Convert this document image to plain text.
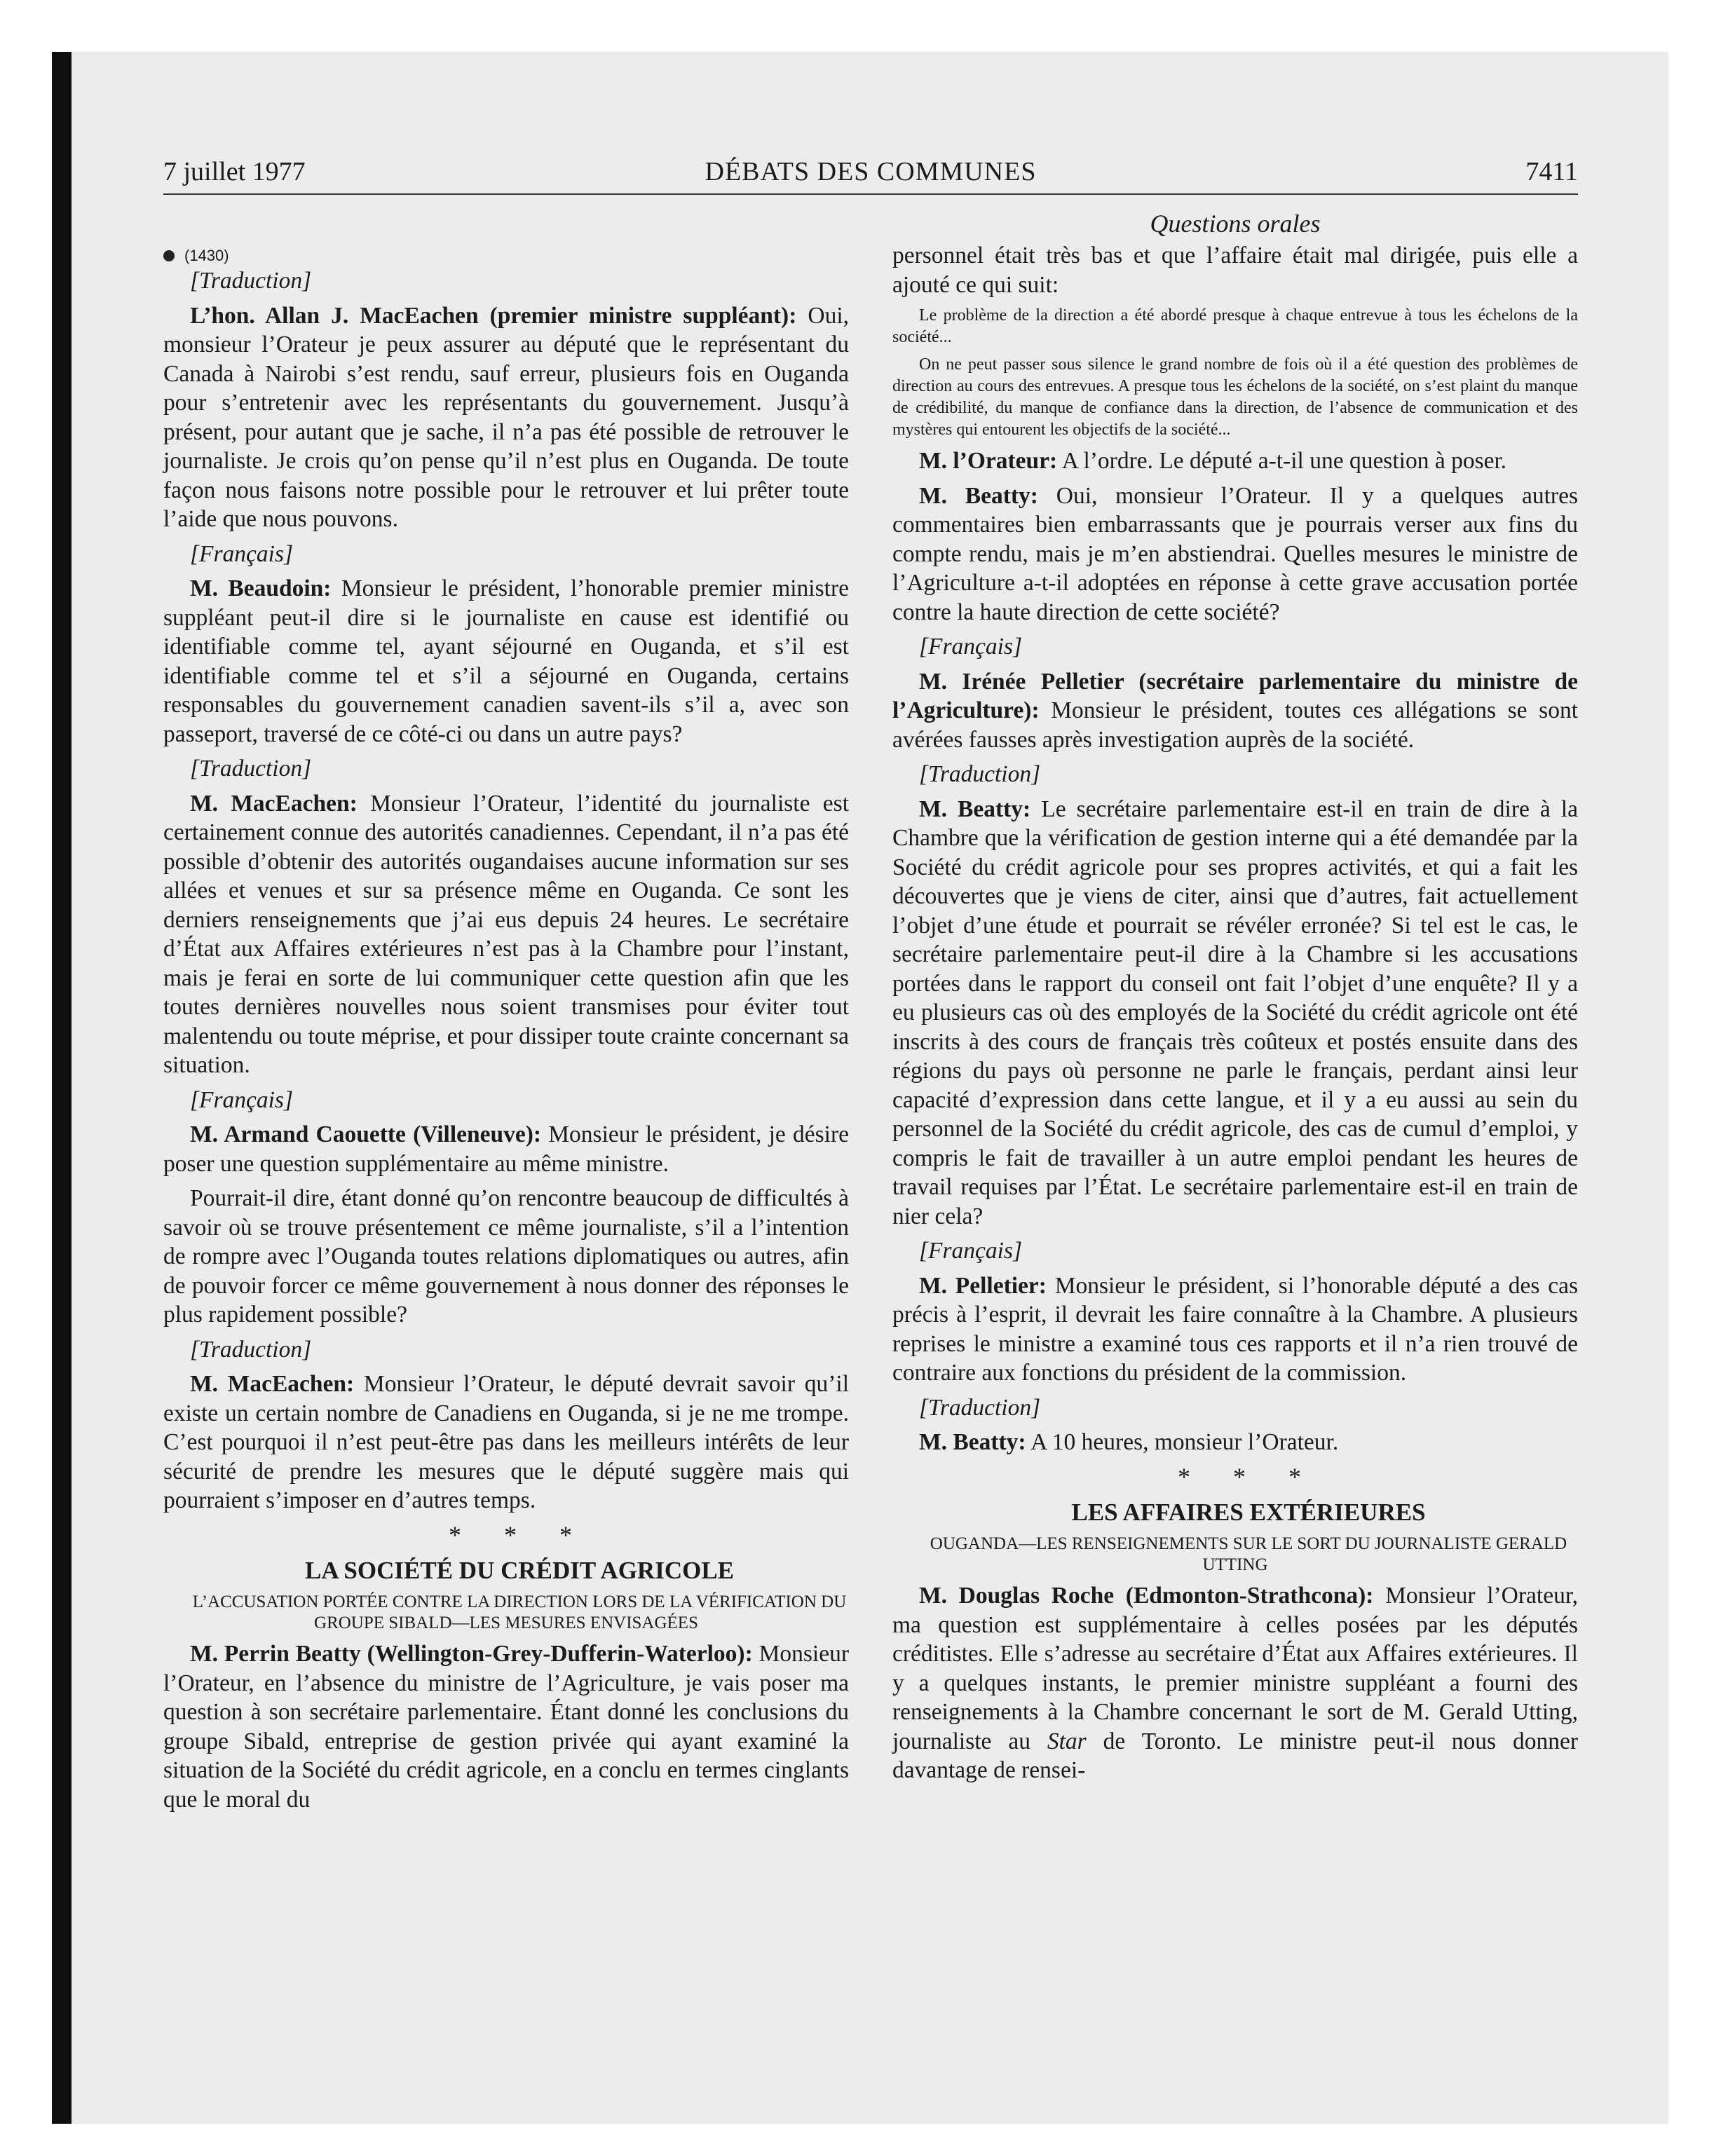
7 juillet 1977	DÉBATS DES COMMUNES	7411
Questions orales
(1430)

[Traduction]

L’hon. Allan J. MacEachen (premier ministre suppléant): Oui, monsieur l’Orateur je peux assurer au député que le représentant du Canada à Nairobi s’est rendu, sauf erreur, plusieurs fois en Ouganda pour s’entretenir avec les représentants du gouvernement. Jusqu’à présent, pour autant que je sache, il n’a pas été possible de retrouver le journaliste. Je crois qu’on pense qu’il n’est plus en Ouganda. De toute façon nous faisons notre possible pour le retrouver et lui prêter toute l’aide que nous pouvons.

[Français]

M. Beaudoin: Monsieur le président, l’honorable premier ministre suppléant peut-il dire si le journaliste en cause est identifié ou identifiable comme tel, ayant séjourné en Ouganda, et s’il est identifiable comme tel et s’il a séjourné en Ouganda, certains responsables du gouvernement canadien savent-ils s’il a, avec son passeport, traversé de ce côté-ci ou dans un autre pays?

[Traduction]

M. MacEachen: Monsieur l’Orateur, l’identité du journaliste est certainement connue des autorités canadiennes. Cependant, il n’a pas été possible d’obtenir des autorités ougandaises aucune information sur ses allées et venues et sur sa présence même en Ouganda. Ce sont les derniers renseignements que j’ai eus depuis 24 heures. Le secrétaire d’État aux Affaires extérieures n’est pas à la Chambre pour l’instant, mais je ferai en sorte de lui communiquer cette question afin que les toutes dernières nouvelles nous soient transmises pour éviter tout malentendu ou toute méprise, et pour dissiper toute crainte concernant sa situation.

[Français]

M. Armand Caouette (Villeneuve): Monsieur le président, je désire poser une question supplémentaire au même ministre.

Pourrait-il dire, étant donné qu’on rencontre beaucoup de difficultés à savoir où se trouve présentement ce même journaliste, s’il a l’intention de rompre avec l’Ouganda toutes relations diplomatiques ou autres, afin de pouvoir forcer ce même gouvernement à nous donner des réponses le plus rapidement possible?

[Traduction]

M. MacEachen: Monsieur l’Orateur, le député devrait savoir qu’il existe un certain nombre de Canadiens en Ouganda, si je ne me trompe. C’est pourquoi il n’est peut-être pas dans les meilleurs intérêts de leur sécurité de prendre les mesures que le député suggère mais qui pourraient s’imposer en d’autres temps.

* * *

LA SOCIÉTÉ DU CRÉDIT AGRICOLE

L’ACCUSATION PORTÉE CONTRE LA DIRECTION LORS DE LA VÉRIFICATION DU GROUPE SIBALD—LES MESURES ENVISAGÉES

M. Perrin Beatty (Wellington-Grey-Dufferin-Waterloo): Monsieur l’Orateur, en l’absence du ministre de l’Agriculture, je vais poser ma question à son secrétaire parlementaire. Étant donné les conclusions du groupe Sibald, entreprise de gestion privée qui ayant examiné la situation de la Société du crédit agricole, en a conclu en termes cinglants que le moral du

personnel était très bas et que l’affaire était mal dirigée, puis elle a ajouté ce qui suit:

Le problème de la direction a été abordé presque à chaque entrevue à tous les échelons de la société...

On ne peut passer sous silence le grand nombre de fois où il a été question des problèmes de direction au cours des entrevues. A presque tous les échelons de la société, on s’est plaint du manque de crédibilité, du manque de confiance dans la direction, de l’absence de communication et des mystères qui entourent les objectifs de la société...

M. l’Orateur: A l’ordre. Le député a-t-il une question à poser.

M. Beatty: Oui, monsieur l’Orateur. Il y a quelques autres commentaires bien embarrassants que je pourrais verser aux fins du compte rendu, mais je m’en abstiendrai. Quelles mesures le ministre de l’Agriculture a-t-il adoptées en réponse à cette grave accusation portée contre la haute direction de cette société?

[Français]

M. Irénée Pelletier (secrétaire parlementaire du ministre de l’Agriculture): Monsieur le président, toutes ces allégations se sont avérées fausses après investigation auprès de la société.

[Traduction]

M. Beatty: Le secrétaire parlementaire est-il en train de dire à la Chambre que la vérification de gestion interne qui a été demandée par la Société du crédit agricole pour ses propres activités, et qui a fait les découvertes que je viens de citer, ainsi que d’autres, fait actuellement l’objet d’une étude et pourrait se révéler erronée? Si tel est le cas, le secrétaire parlementaire peut-il dire à la Chambre si les accusations portées dans le rapport du conseil ont fait l’objet d’une enquête? Il y a eu plusieurs cas où des employés de la Société du crédit agricole ont été inscrits à des cours de français très coûteux et postés ensuite dans des régions du pays où personne ne parle le français, perdant ainsi leur capacité d’expression dans cette langue, et il y a eu aussi au sein du personnel de la Société du crédit agricole, des cas de cumul d’emploi, y compris le fait de travailler à un autre emploi pendant les heures de travail requises par l’État. Le secrétaire parlementaire est-il en train de nier cela?

[Français]

M. Pelletier: Monsieur le président, si l’honorable député a des cas précis à l’esprit, il devrait les faire connaître à la Chambre. A plusieurs reprises le ministre a examiné tous ces rapports et il n’a rien trouvé de contraire aux fonctions du président de la commission.

[Traduction]

M. Beatty: A 10 heures, monsieur l’Orateur.

* * *

LES AFFAIRES EXTÉRIEURES

OUGANDA—LES RENSEIGNEMENTS SUR LE SORT DU JOURNALISTE GERALD UTTING

M. Douglas Roche (Edmonton-Strathcona): Monsieur l’Orateur, ma question est supplémentaire à celles posées par les députés créditistes. Elle s’adresse au secrétaire d’État aux Affaires extérieures. Il y a quelques instants, le premier ministre suppléant a fourni des renseignements à la Chambre concernant le sort de M. Gerald Utting, journaliste au Star de Toronto. Le ministre peut-il nous donner davantage de rensei-
